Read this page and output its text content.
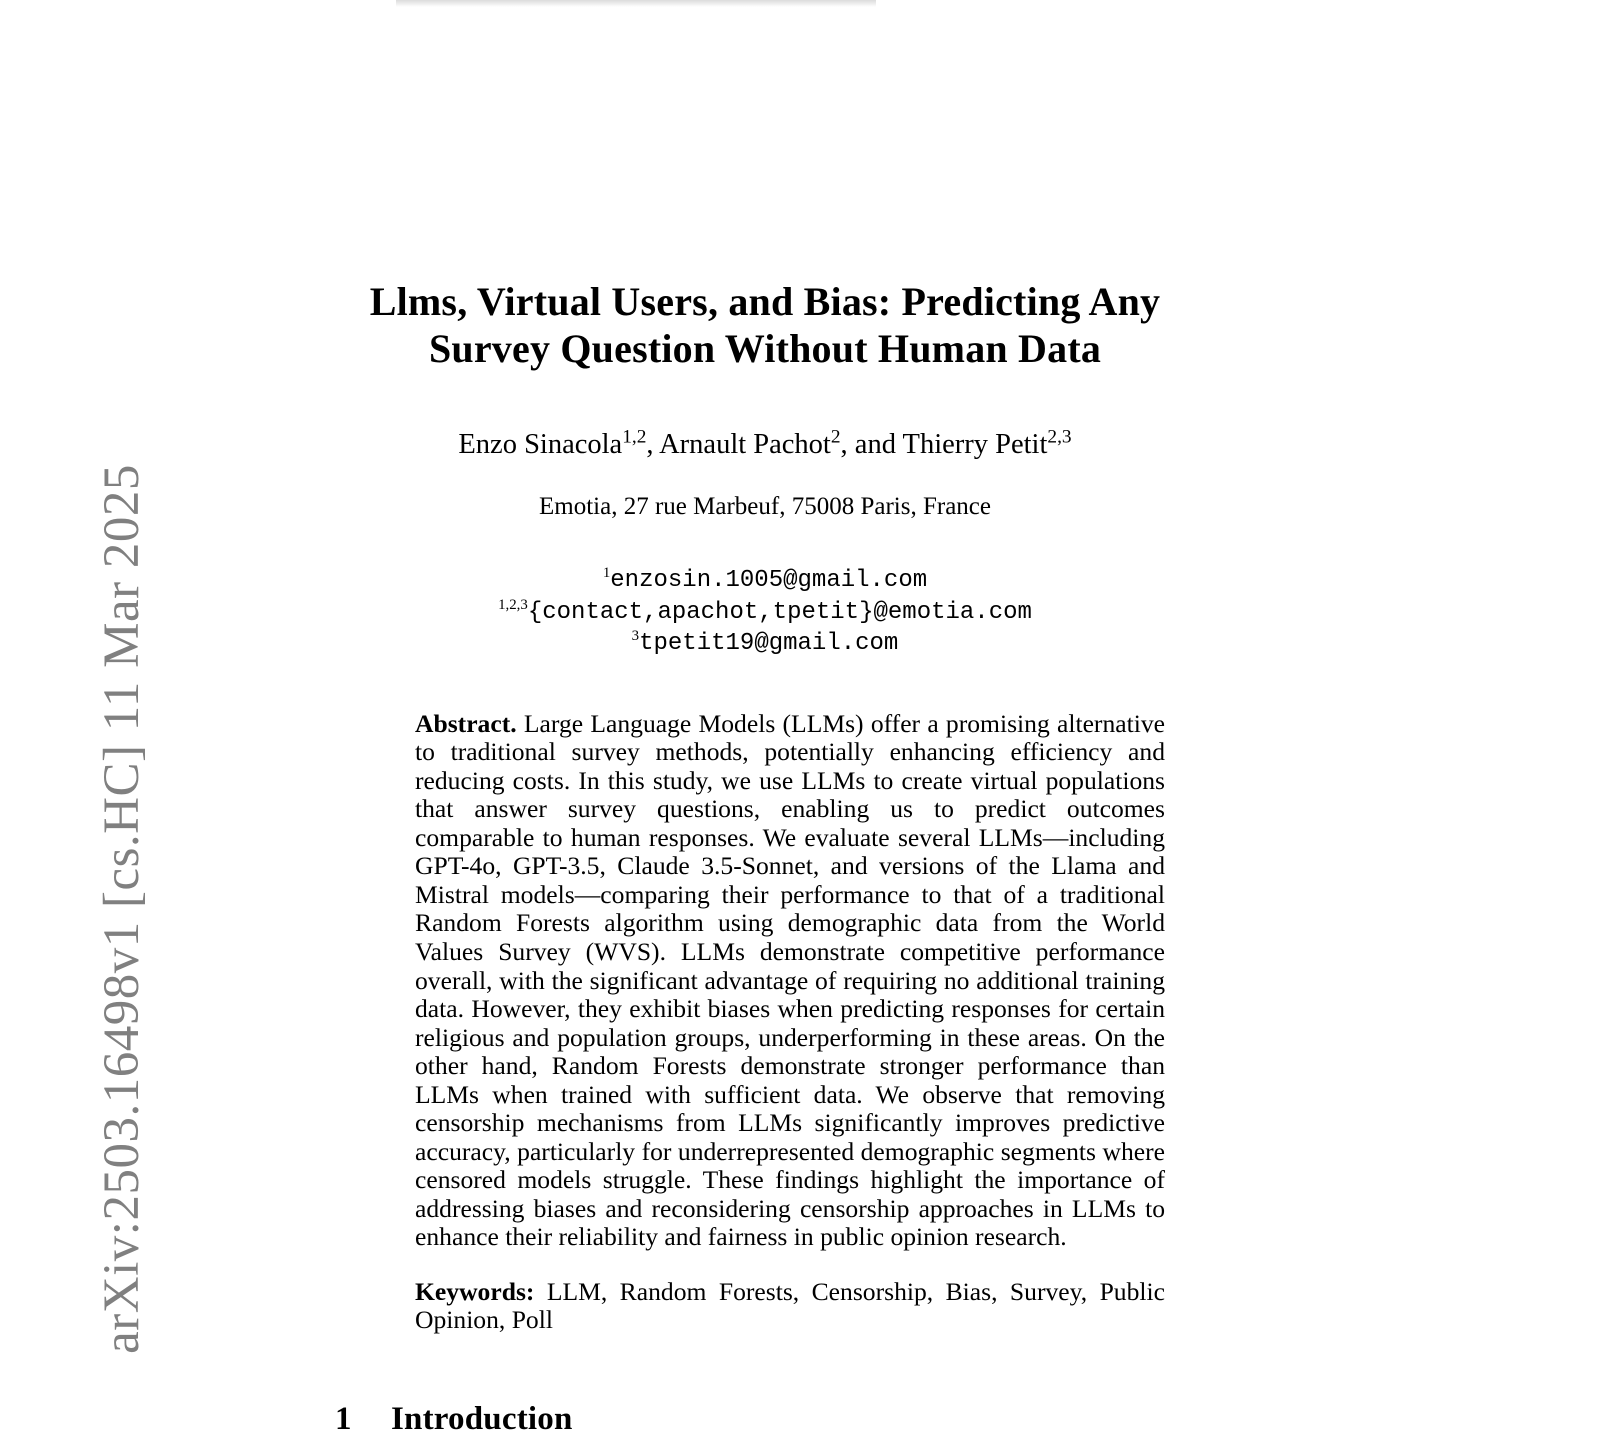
arXiv:2503.16498v1 [cs.HC] 11 Mar 2025
Llms, Virtual Users, and Bias: Predicting Any
Survey Question Without Human Data

Enzo Sinacola$^{1,2}$, Arnault Pachot$^2$, and Thierry Petit$^{2,3}$

Emotia, 27 rue Marbeuf, 75008 Paris, France

$^1$enzosin.1005@gmail.com
$^{1,2,3}${contact,apachot,tpetit}@emotia.com
$^3$tpetit19@gmail.com

Abstract. Large Language Models (LLMs) offer a promising alternative to traditional survey methods, potentially enhancing efficiency and reducing costs. In this study, we use LLMs to create virtual populations that answer survey questions, enabling us to predict outcomes comparable to human responses. We evaluate several LLMs—including GPT-4o, GPT-3.5, Claude 3.5-Sonnet, and versions of the Llama and Mistral models—comparing their performance to that of a traditional Random Forests algorithm using demographic data from the World Values Survey (WVS). LLMs demonstrate competitive performance overall, with the significant advantage of requiring no additional training data. However, they exhibit biases when predicting responses for certain religious and population groups, underperforming in these areas. On the other hand, Random Forests demonstrate stronger performance than LLMs when trained with sufficient data. We observe that removing censorship mechanisms from LLMs significantly improves predictive accuracy, particularly for underrepresented demographic segments where censored models struggle. These findings highlight the importance of addressing biases and reconsidering censorship approaches in LLMs to enhance their reliability and fairness in public opinion research.

Keywords: LLM, Random Forests, Censorship, Bias, Survey, Public Opinion, Poll

1 Introduction
